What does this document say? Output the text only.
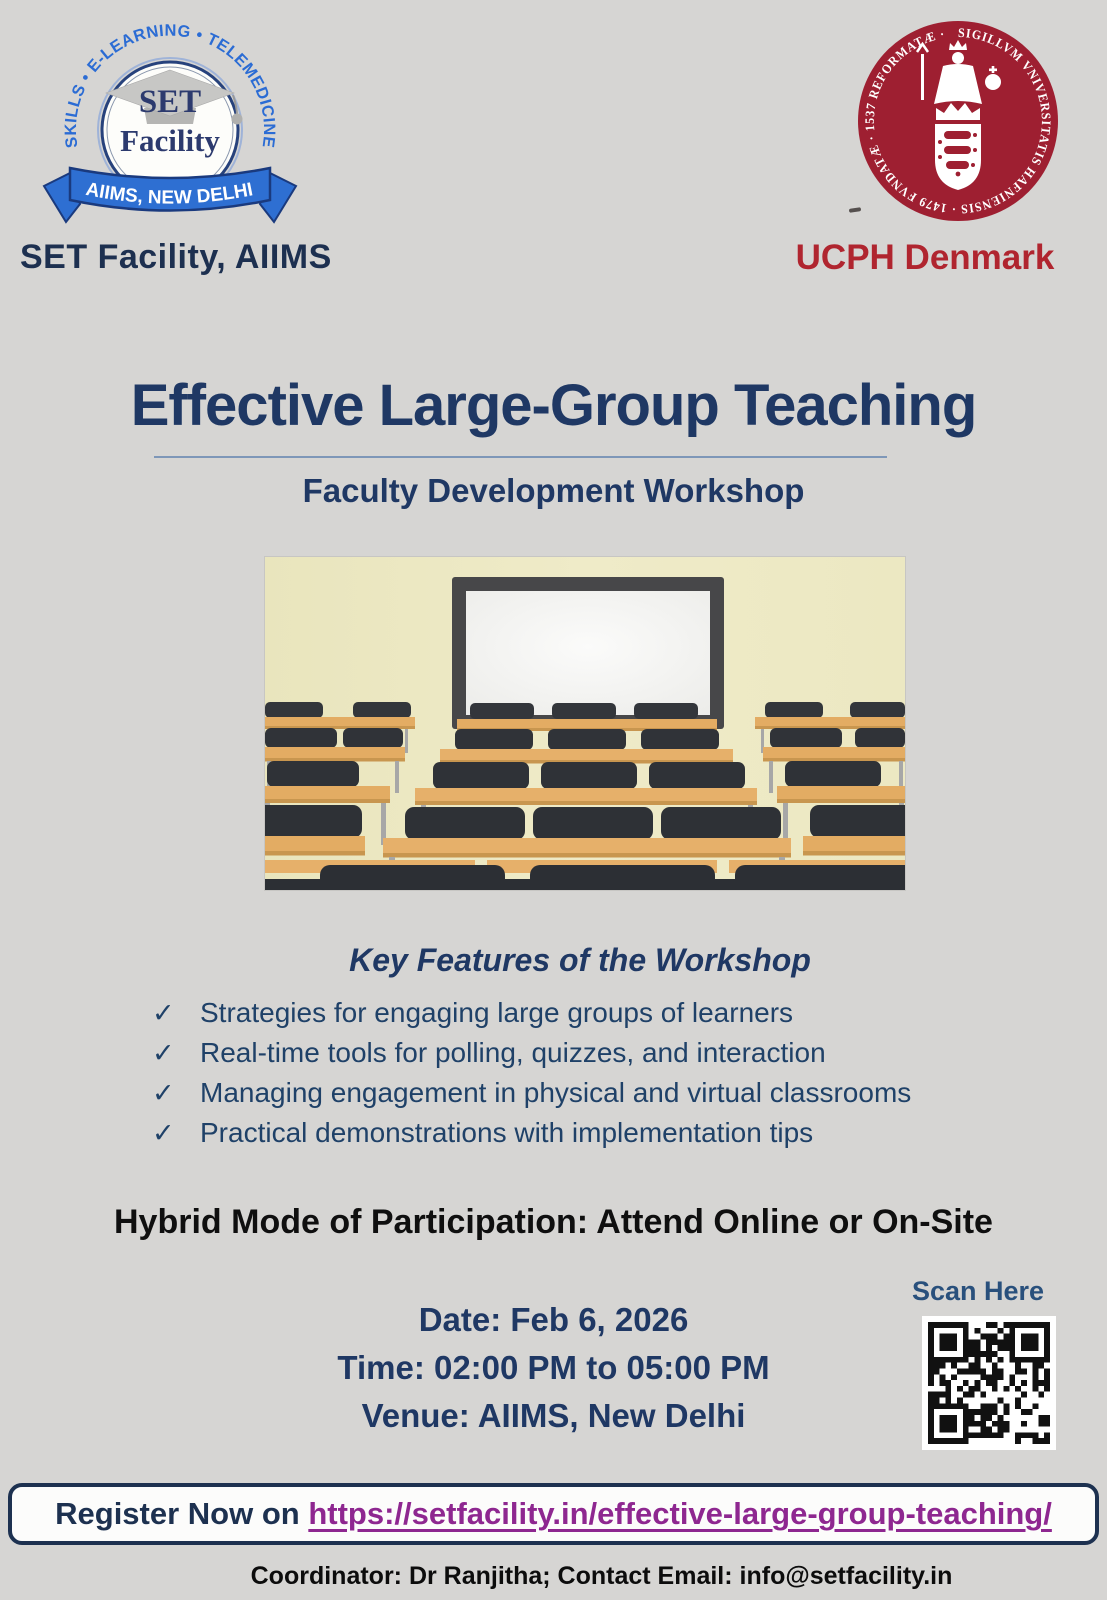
SKILLS • E-LEARNING • TELEMEDICINE
SET
Facility
AIIMS, NEW DELHI
SET Facility, AIIMS
SIGILLVM VNIVERSITATIS HAFNIENSIS · 1479 FVNDATÆ · 1537 REFORMATÆ ·
UCPH Denmark
Effective Large-Group Teaching
Faculty Development Workshop
Key Features of the Workshop
✓ Strategies for engaging large groups of learners
✓ Real-time tools for polling, quizzes, and interaction
✓ Managing engagement in physical and virtual classrooms
✓ Practical demonstrations with implementation tips
Hybrid Mode of Participation: Attend Online or On-Site
Scan Here
Date: Feb 6, 2026
Time: 02:00 PM to 05:00 PM
Venue: AIIMS, New Delhi
Register Now on https://setfacility.in/effective-large-group-teaching/
Coordinator: Dr Ranjitha; Contact Email: info@setfacility.in
